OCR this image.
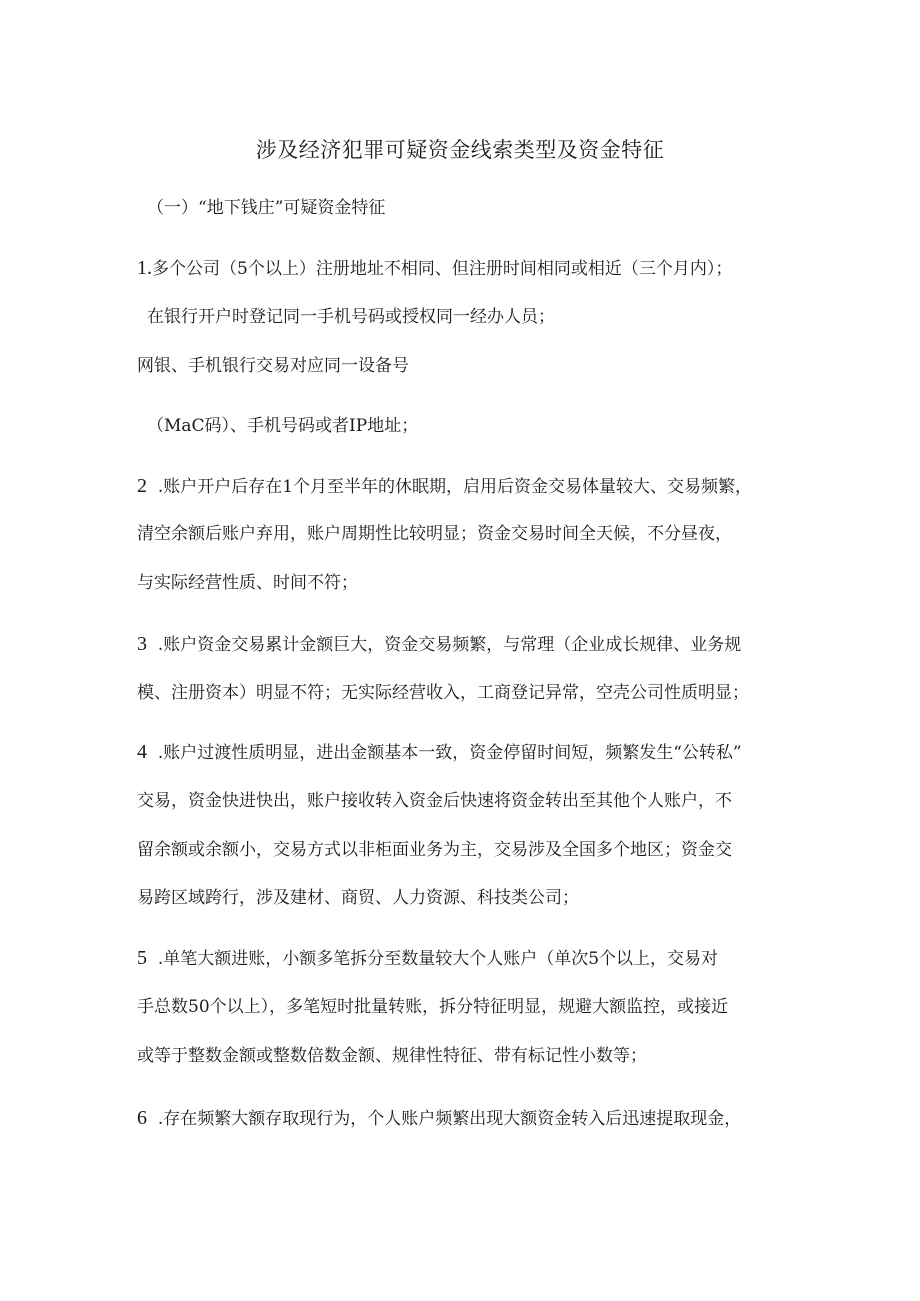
涉及经济犯罪可疑资金线索类型及资金特征
（一）“地下钱庄”可疑资金特征
1.多个公司（5个以上）注册地址不相同、但注册时间相同或相近（三个月内）；
在银行开户时登记同一手机号码或授权同一经办人员；
网银、手机银行交易对应同一设备号
（MaC码）、手机号码或者IP地址；
2 .账户开户后存在1个月至半年的休眠期，启用后资金交易体量较大、交易频繁，
清空余额后账户弃用，账户周期性比较明显；资金交易时间全天候，不分昼夜，
与实际经营性质、时间不符；
3 .账户资金交易累计金额巨大，资金交易频繁，与常理（企业成长规律、业务规
模、注册资本）明显不符；无实际经营收入，工商登记异常，空壳公司性质明显；
4 .账户过渡性质明显，进出金额基本一致，资金停留时间短，频繁发生“公转私”
交易，资金快进快出，账户接收转入资金后快速将资金转出至其他个人账户，不
留余额或余额小，交易方式以非柜面业务为主，交易涉及全国多个地区；资金交
易跨区域跨行，涉及建材、商贸、人力资源、科技类公司；
5 .单笔大额进账，小额多笔拆分至数量较大个人账户（单次5个以上，交易对
手总数50个以上），多笔短时批量转账，拆分特征明显，规避大额监控，或接近
或等于整数金额或整数倍数金额、规律性特征、带有标记性小数等；
6 .存在频繁大额存取现行为，个人账户频繁出现大额资金转入后迅速提取现金，
